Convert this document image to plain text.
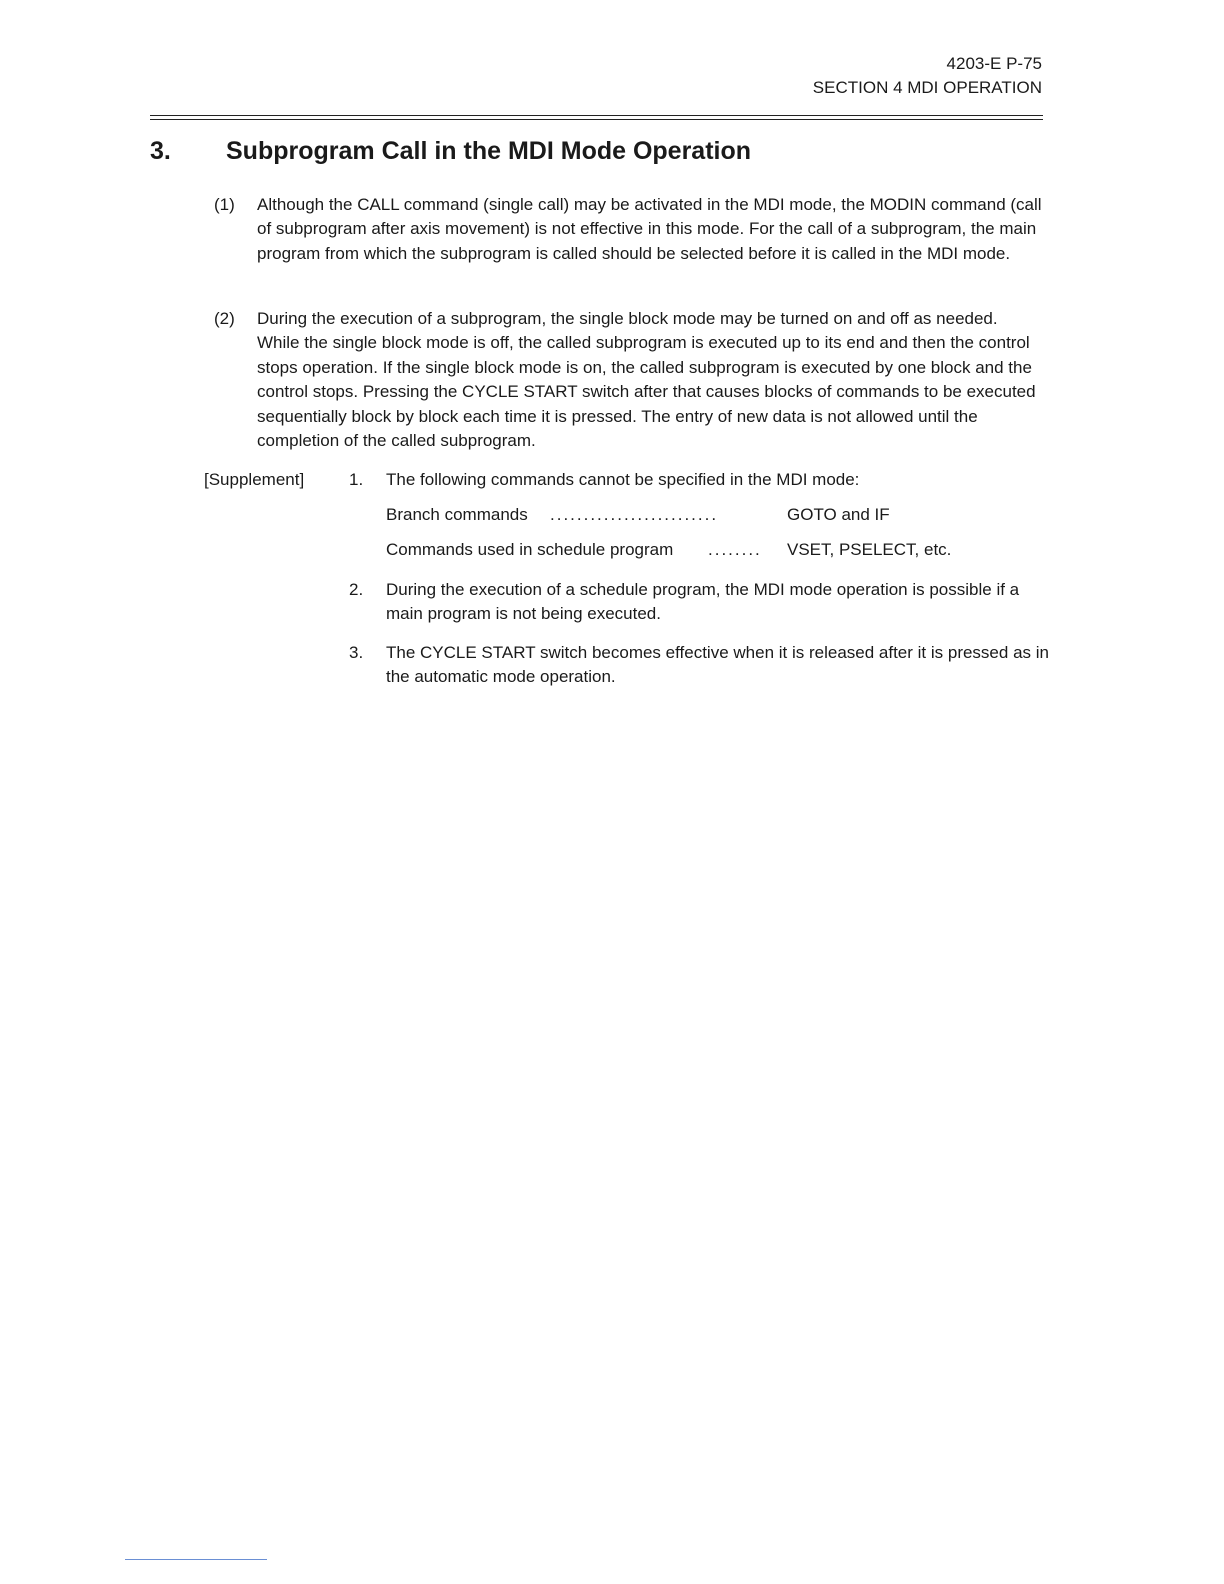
4203-E P-75
SECTION 4 MDI OPERATION
3. Subprogram Call in the MDI Mode Operation
(1) Although the CALL command (single call) may be activated in the MDI mode, the MODIN command (call of subprogram after axis movement) is not effective in this mode. For the call of a subprogram, the main program from which the subprogram is called should be selected before it is called in the MDI mode.
(2) During the execution of a subprogram, the single block mode may be turned on and off as needed. While the single block mode is off, the called subprogram is executed up to its end and then the control stops operation. If the single block mode is on, the called subprogram is executed by one block and the control stops. Pressing the CYCLE START switch after that causes blocks of commands to be executed sequentially block by block each time it is pressed. The entry of new data is not allowed until the completion of the called subprogram.
[Supplement]	1. The following commands cannot be specified in the MDI mode:
Branch commands .........................	GOTO and IF
Commands used in schedule program ........ VSET, PSELECT, etc.
2. During the execution of a schedule program, the MDI mode operation is possible if a main program is not being executed.
3. The CYCLE START switch becomes effective when it is released after it is pressed as in the automatic mode operation.
